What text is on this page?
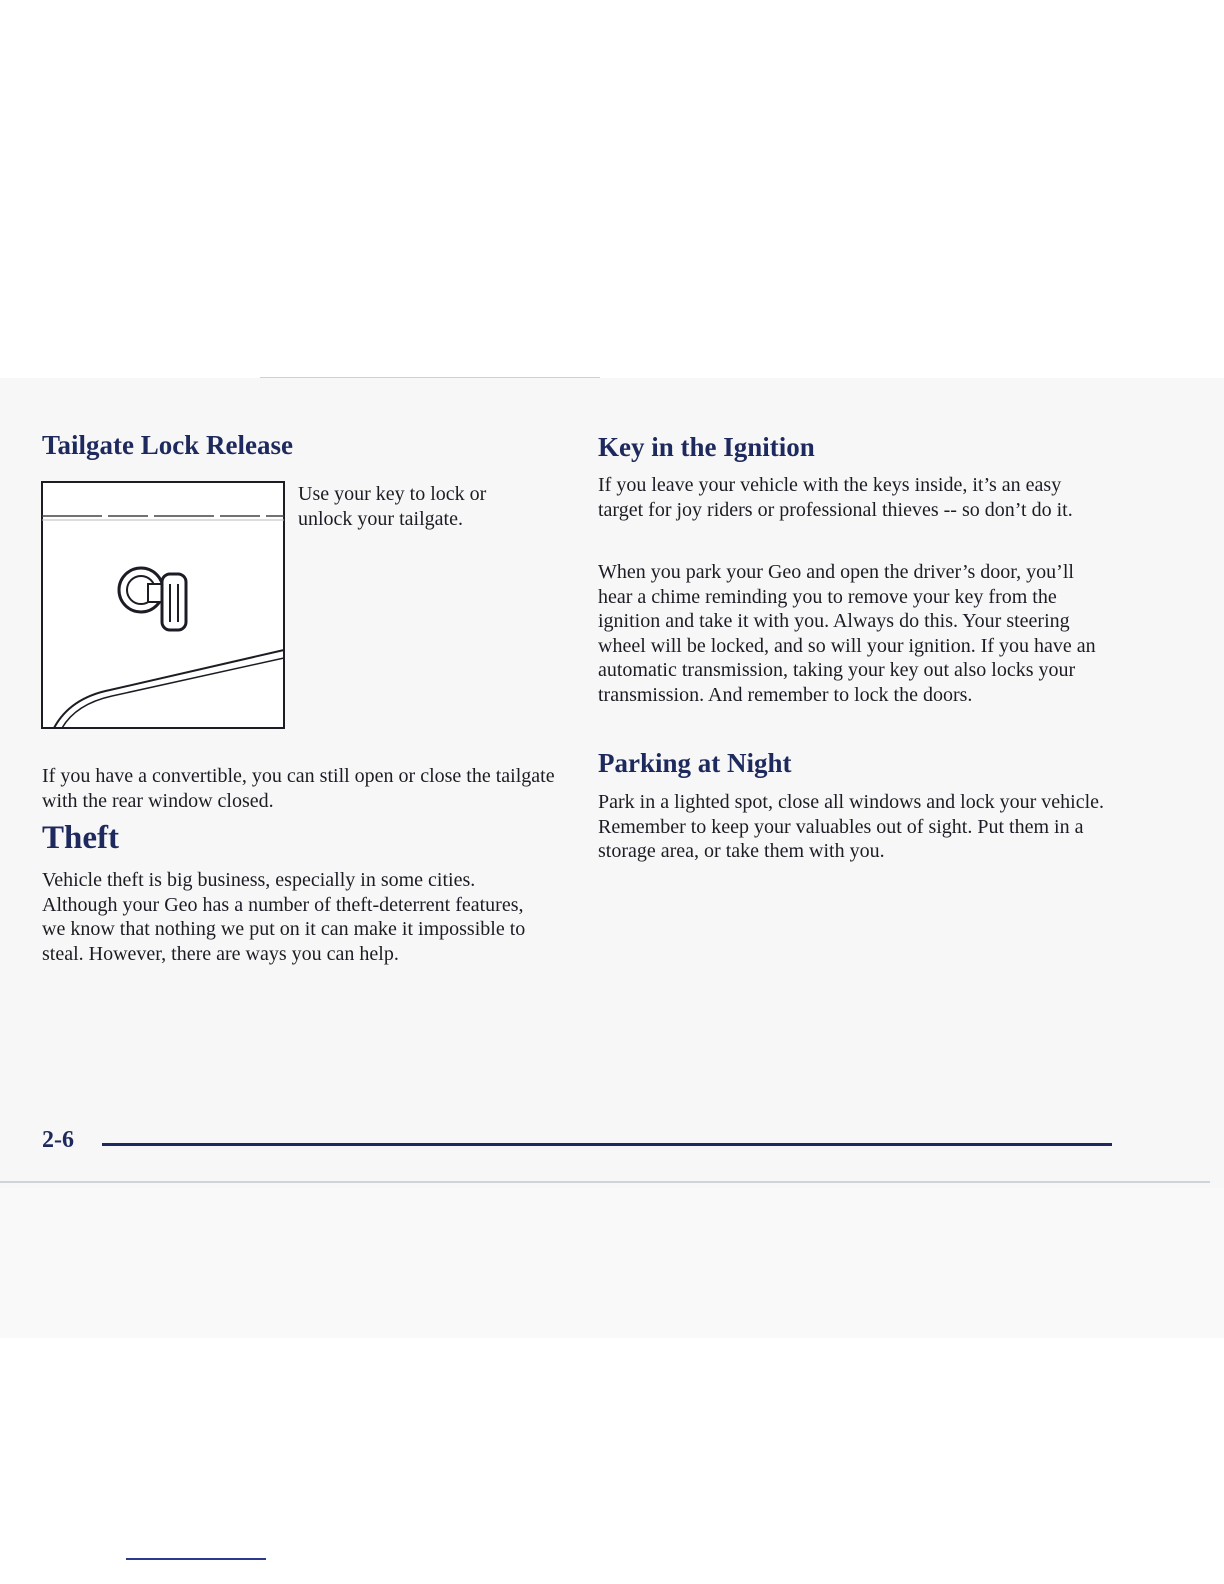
Tailgate Lock Release

Use your key to lock or unlock your tailgate.

If you have a convertible, you can still open or close the tailgate with the rear window closed.

Theft

Vehicle theft is big business, especially in some cities. Although your Geo has a number of theft-deterrent features, we know that nothing we put on it can make it impossible to steal. However, there are ways you can help.

Key in the Ignition

If you leave your vehicle with the keys inside, it’s an easy target for joy riders or professional thieves -- so don’t do it.

When you park your Geo and open the driver’s door, you’ll hear a chime reminding you to remove your key from the ignition and take it with you. Always do this. Your steering wheel will be locked, and so will your ignition. If you have an automatic transmission, taking your key out also locks your transmission. And remember to lock the doors.

Parking at Night

Park in a lighted spot, close all windows and lock your vehicle. Remember to keep your valuables out of sight. Put them in a storage area, or take them with you.

2-6
